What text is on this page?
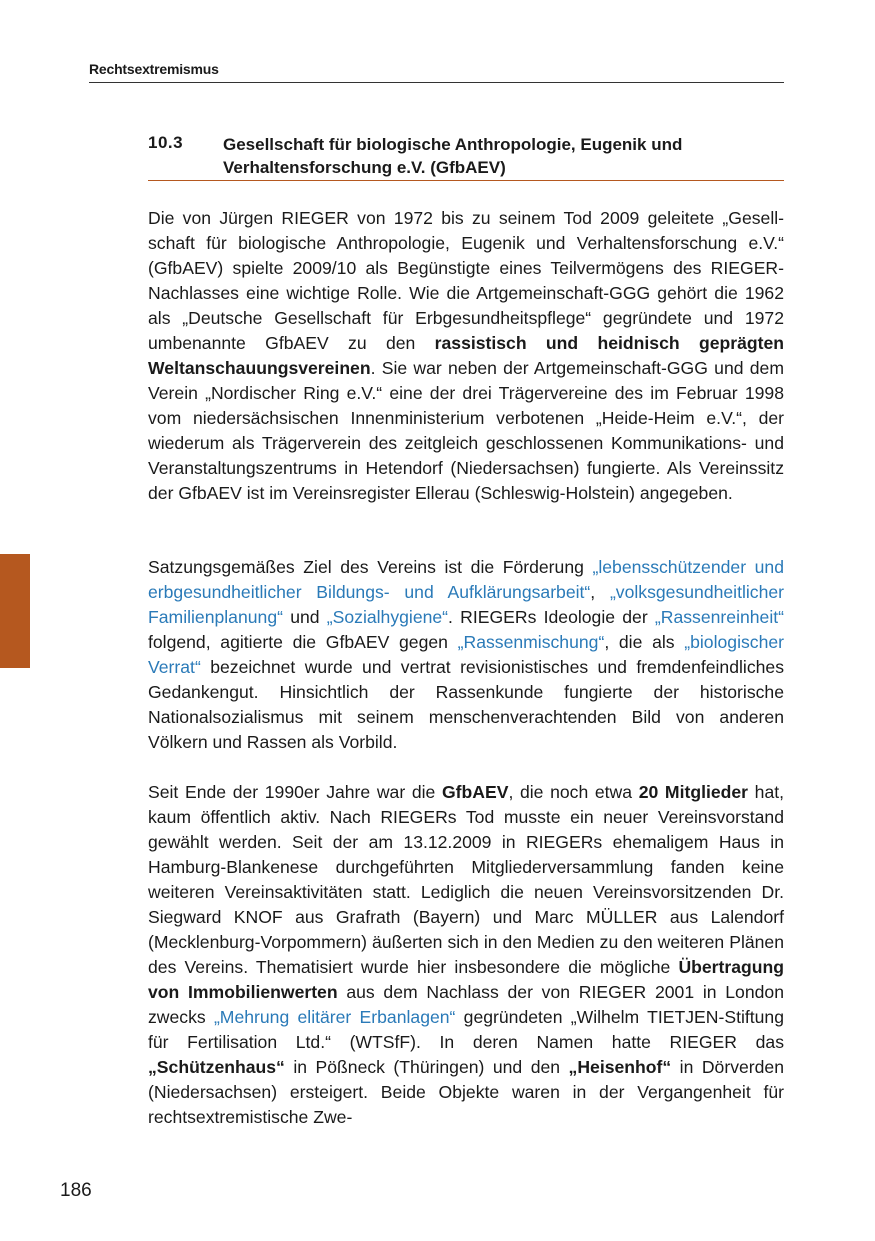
Rechtsextremismus
10.3 Gesellschaft für biologische Anthropologie, Eugenik und Verhaltensforschung e.V. (GfbAEV)
Die von Jürgen RIEGER von 1972 bis zu seinem Tod 2009 geleitete „Gesellschaft für biologische Anthropologie, Eugenik und Verhaltensforschung e.V.“ (GfbAEV) spielte 2009/10 als Begünstigte eines Teilvermögens des RIEGER-Nachlasses eine wichtige Rolle. Wie die Artgemeinschaft-GGG gehört die 1962 als „Deutsche Gesellschaft für Erbgesundheitspflege“ gegründete und 1972 umbenannte GfbAEV zu den rassistisch und heidnisch geprägten Weltanschauungsvereinen. Sie war neben der Artgemeinschaft-GGG und dem Verein „Nordischer Ring e.V.“ eine der drei Trägervereine des im Februar 1998 vom niedersächsischen Innenministerium verbotenen „Heide-Heim e.V.“, der wiederum als Trägerverein des zeitgleich geschlossenen Kommunikations- und Veranstaltungszentrums in Hetendorf (Niedersachsen) fungierte. Als Vereinssitz der GfbAEV ist im Vereinsregister Ellerau (Schleswig-Holstein) angegeben.
Satzungsgemäßes Ziel des Vereins ist die Förderung „lebensschützender und erbgesundheitlicher Bildungs- und Aufklärungsarbeit“, „volksgesundheitlicher Familienplanung“ und „Sozialhygiene“. RIEGERs Ideologie der „Rassenreinheit“ folgend, agitierte die GfbAEV gegen „Rassenmischung“, die als „biologischer Verrat“ bezeichnet wurde und vertrat revisionistisches und fremdenfeindliches Gedankengut. Hinsichtlich der Rassenkunde fungierte der historische Nationalsozialismus mit seinem menschenverachtenden Bild von anderen Völkern und Rassen als Vorbild.
Seit Ende der 1990er Jahre war die GfbAEV, die noch etwa 20 Mitglieder hat, kaum öffentlich aktiv. Nach RIEGERs Tod musste ein neuer Vereinsvorstand gewählt werden. Seit der am 13.12.2009 in RIEGERs ehemaligem Haus in Hamburg-Blankenese durchgeführten Mitgliederversammlung fanden keine weiteren Vereinsaktivitäten statt. Lediglich die neuen Vereinsvorsitzenden Dr. Siegward KNOF aus Grafrath (Bayern) und Marc MÜLLER aus Lalendorf (Mecklenburg-Vorpommern) äußerten sich in den Medien zu den weiteren Plänen des Vereins. Thematisiert wurde hier insbesondere die mögliche Übertragung von Immobilienwerten aus dem Nachlass der von RIEGER 2001 in London zwecks „Mehrung elitärer Erbanlagen“ gegründeten „Wilhelm TIETJEN-Stiftung für Fertilisation Ltd.“ (WTSfF). In deren Namen hatte RIEGER das „Schützenhaus“ in Pößneck (Thüringen) und den „Heisenhof“ in Dörverden (Niedersachsen) ersteigert. Beide Objekte waren in der Vergangenheit für rechtsextremistische Zwe-
186
